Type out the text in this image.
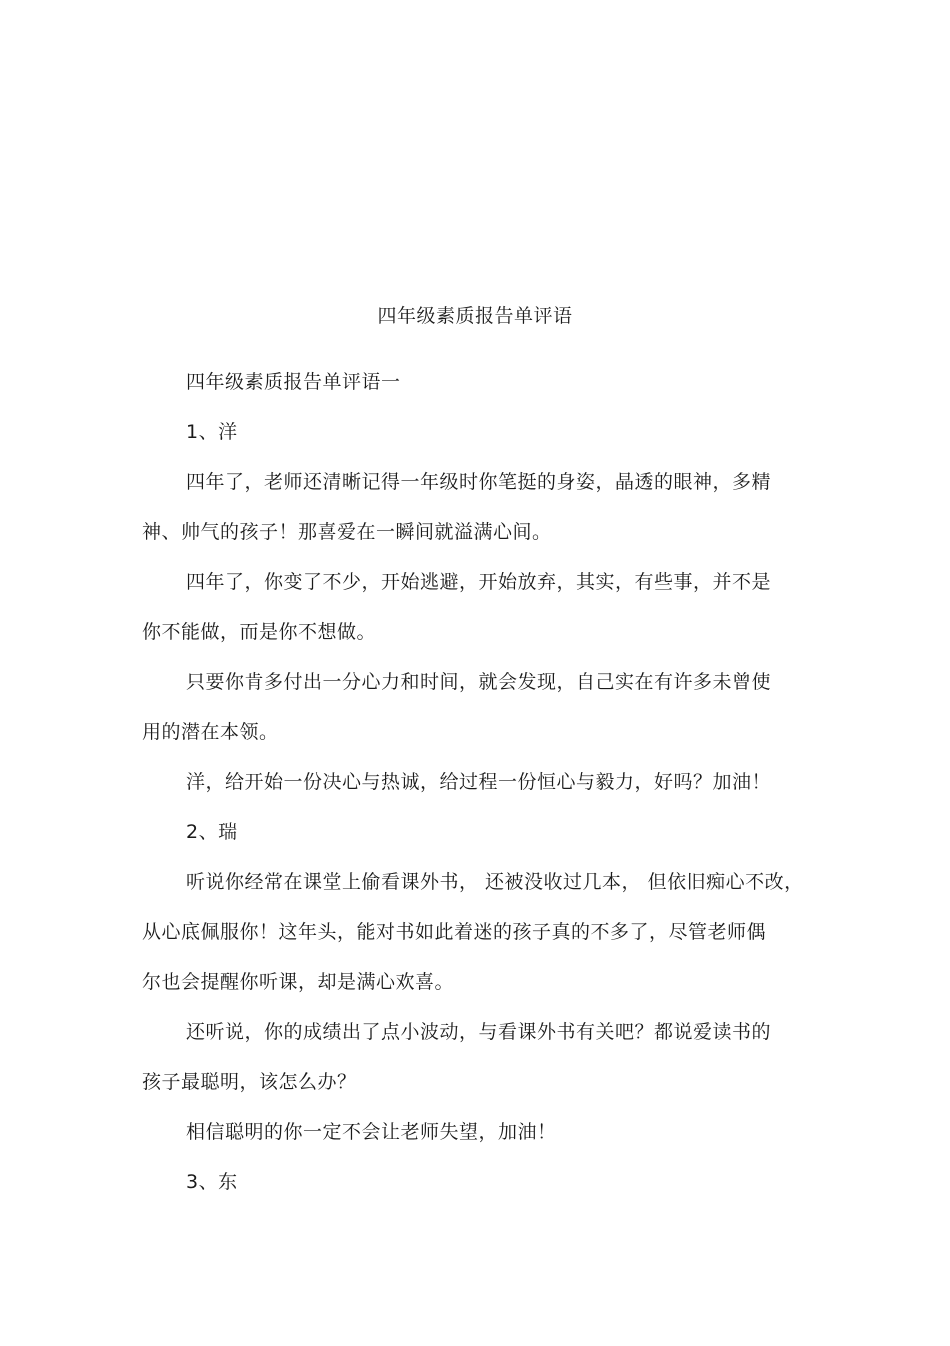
四年级素质报告单评语
四年级素质报告单评语一
1、洋
四年了，老师还清晰记得一年级时你笔挺的身姿，晶透的眼神，多精
神、帅气的孩子！那喜爱在一瞬间就溢满心间。
四年了，你变了不少，开始逃避，开始放弃，其实，有些事，并不是
你不能做，而是你不想做。
只要你肯多付出一分心力和时间，就会发现，自己实在有许多未曾使
用的潜在本领。
洋，给开始一份决心与热诚，给过程一份恒心与毅力，好吗？加油！
2、瑞
听说你经常在课堂上偷看课外书， 还被没收过几本， 但依旧痴心不改，
从心底佩服你！这年头，能对书如此着迷的孩子真的不多了，尽管老师偶
尔也会提醒你听课，却是满心欢喜。
还听说，你的成绩出了点小波动，与看课外书有关吧？都说爱读书的
孩子最聪明，该怎么办？
相信聪明的你一定不会让老师失望，加油！
3、东
